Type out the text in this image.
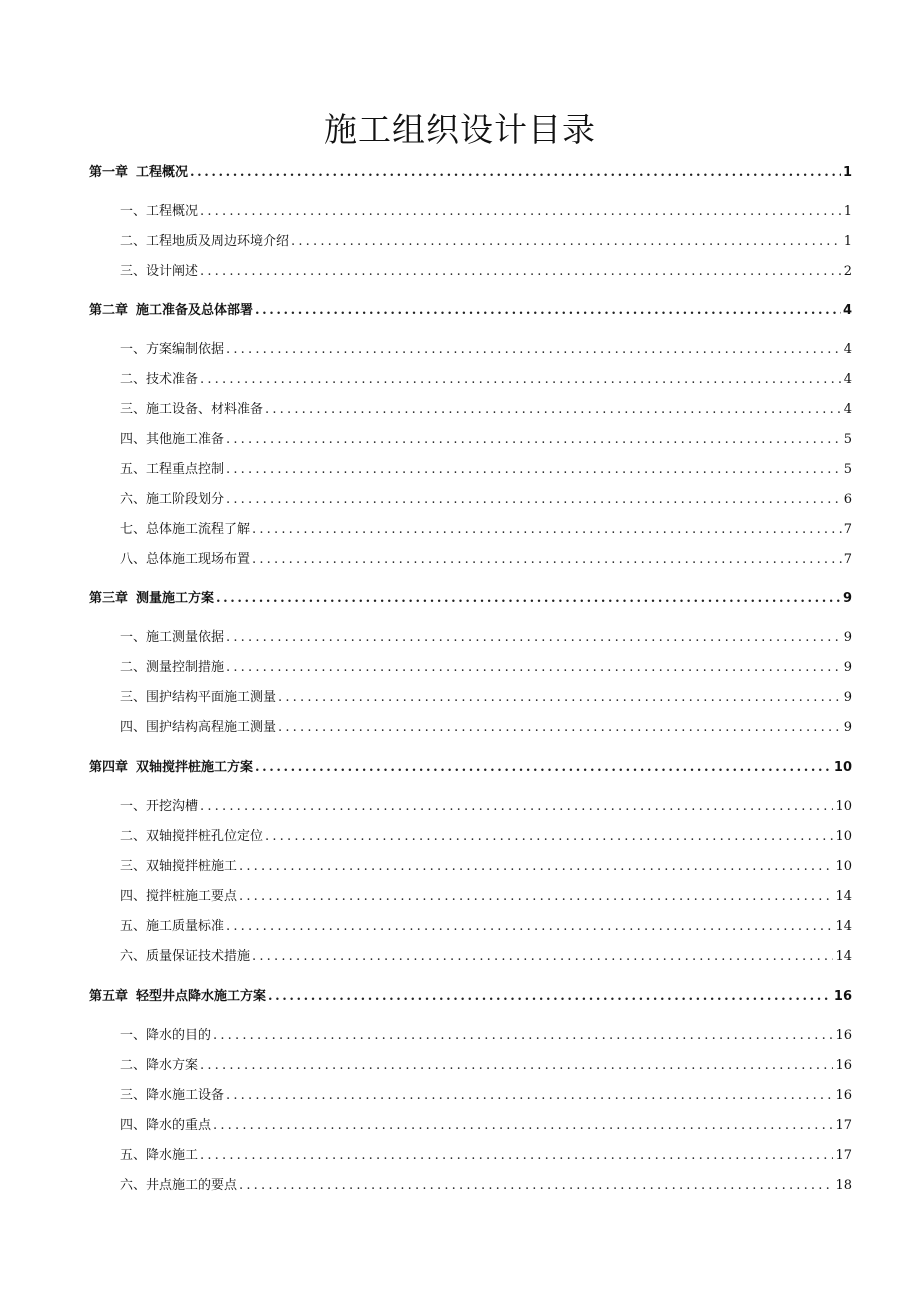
施工组织设计目录
第一章 工程概况 .....	1
一、工程概况 .....	1
二、工程地质及周边环境介绍 .....	1
三、设计阐述 .....	2
第二章 施工准备及总体部署 .....	4
一、方案编制依据 .....	4
二、技术准备 .....	4
三、施工设备、材料准备 .....	4
四、其他施工准备 .....	5
五、工程重点控制 .....	5
六、施工阶段划分 .....	6
七、总体施工流程了解 .....	7
八、总体施工现场布置 .....	7
第三章 测量施工方案 .....	9
一、施工测量依据 .....	9
二、测量控制措施 .....	9
三、围护结构平面施工测量 .....	9
四、围护结构高程施工测量 .....	9
第四章 双轴搅拌桩施工方案 .....	10
一、开挖沟槽 .....	10
二、双轴搅拌桩孔位定位 .....	10
三、双轴搅拌桩施工 .....	10
四、搅拌桩施工要点 .....	14
五、施工质量标准 .....	14
六、质量保证技术措施 .....	14
第五章 轻型井点降水施工方案 .....	16
一、降水的目的 .....	16
二、降水方案 .....	16
三、降水施工设备 .....	16
四、降水的重点 .....	17
五、降水施工 .....	17
六、井点施工的要点 .....	18
